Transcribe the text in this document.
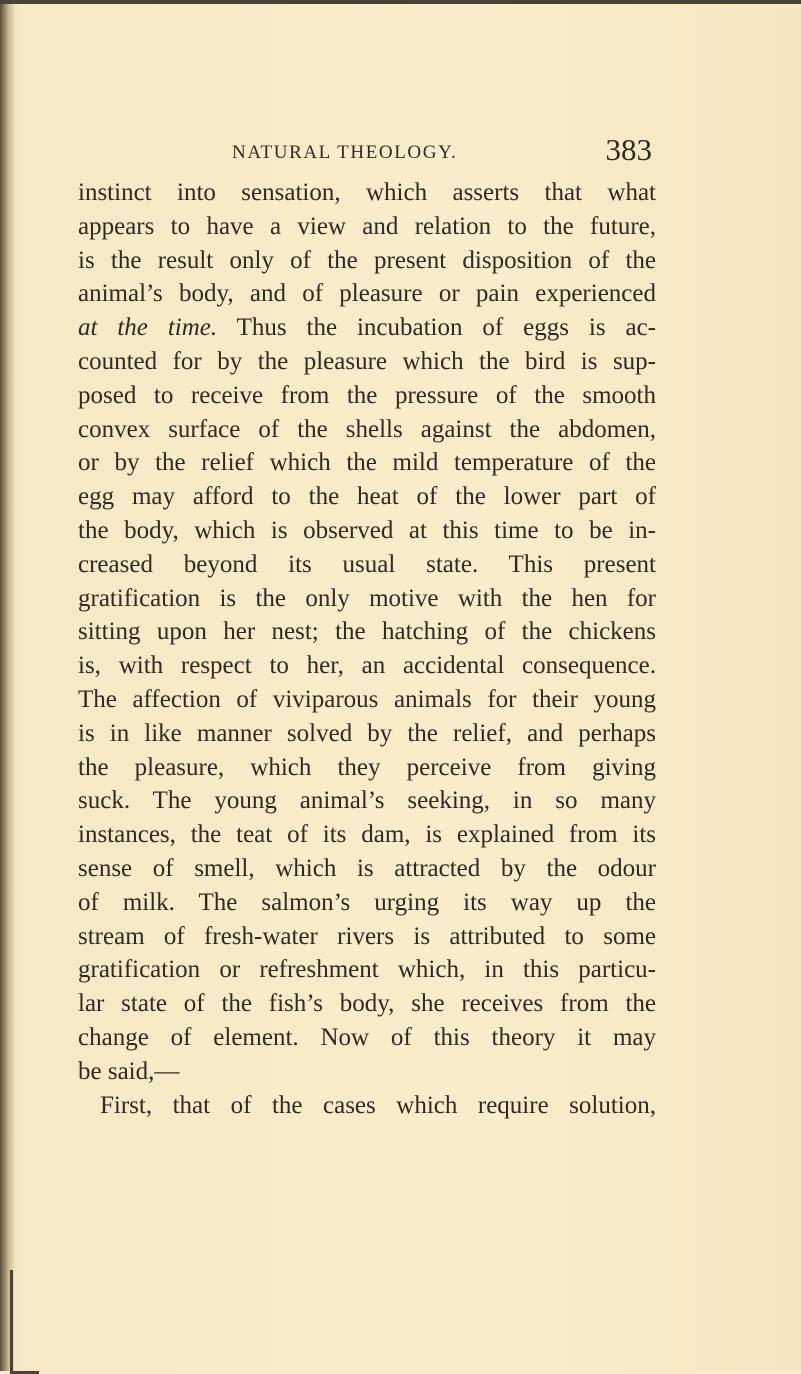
NATURAL THEOLOGY.	383
instinct into sensation, which asserts that what
appears to have a view and relation to the future,
is the result only of the present disposition of the
animal’s body, and of pleasure or pain experienced
at the time. Thus the incubation of eggs is ac-
counted for by the pleasure which the bird is sup-
posed to receive from the pressure of the smooth
convex surface of the shells against the abdomen,
or by the relief which the mild temperature of the
egg may afford to the heat of the lower part of
the body, which is observed at this time to be in-
creased beyond its usual state. This present
gratification is the only motive with the hen for
sitting upon her nest; the hatching of the chickens
is, with respect to her, an accidental consequence.
The affection of viviparous animals for their young
is in like manner solved by the relief, and perhaps
the pleasure, which they perceive from giving
suck. The young animal’s seeking, in so many
instances, the teat of its dam, is explained from its
sense of smell, which is attracted by the odour
of milk. The salmon’s urging its way up the
stream of fresh-water rivers is attributed to some
gratification or refreshment which, in this particu-
lar state of the fish’s body, she receives from the
change of element. Now of this theory it may
be said,—
First, that of the cases which require solution,
